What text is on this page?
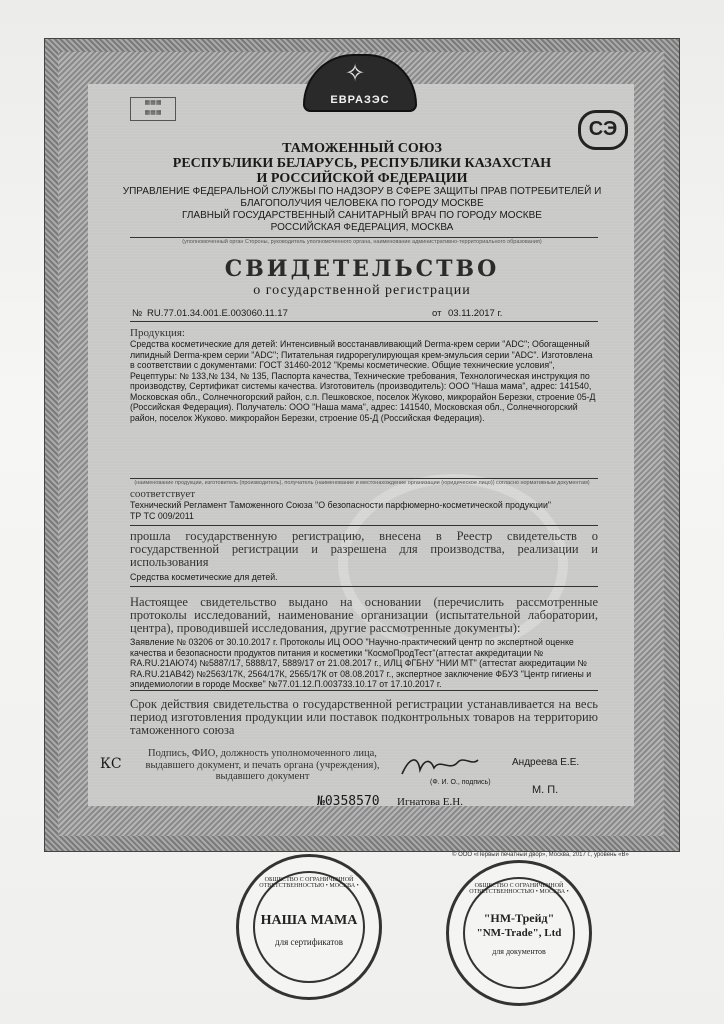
✧
ЕВРАЗЭС
▦▦▦
▦▦▦
СЭ

ТАМОЖЕННЫЙ СОЮЗ

РЕСПУБЛИКИ БЕЛАРУСЬ, РЕСПУБЛИКИ КАЗАХСТАН

И РОССИЙСКОЙ ФЕДЕРАЦИИ

УПРАВЛЕНИЕ ФЕДЕРАЛЬНОЙ СЛУЖБЫ ПО НАДЗОРУ В СФЕРЕ ЗАЩИТЫ ПРАВ ПОТРЕБИТЕЛЕЙ И

БЛАГОПОЛУЧИЯ ЧЕЛОВЕКА ПО ГОРОДУ МОСКВЕ

ГЛАВНЫЙ ГОСУДАРСТВЕННЫЙ САНИТАРНЫЙ ВРАЧ ПО ГОРОДУ МОСКВЕ

РОССИЙСКАЯ ФЕДЕРАЦИЯ, МОСКВА

(уполномоченный орган Стороны, руководитель уполномоченного органа, наименование административно-территориального образования)

СВИДЕТЕЛЬСТВО

о государственной регистрации

№ RU.77.01.34.001.E.003060.11.17	от 03.11.2017 г.

Продукция:

Средства косметические для детей: Интенсивный восстанавливающий Derma-крем серии "ADC"; Обогащенный липидный Derma-крем серии "ADC"; Питательная гидрорегулирующая крем-эмульсия серии "ADC". Изготовлена в соответствии с документами: ГОСТ 31460-2012 "Кремы косметические. Общие технические условия", Рецептуры: № 133,№ 134, № 135, Паспорта качества, Технические требования, Технологическая инструкция по производству, Сертификат системы качества. Изготовитель (производитель): ООО "Наша мама", адрес: 141540, Московская обл., Солнечногорский район, с.п. Пешковское, поселок Жуково, микрорайон Березки, строение 05-Д (Российская Федерация). Получатель: ООО "Наша мама", адрес: 141540, Московская обл., Солнечногорский район, поселок Жуково. микрорайон Березки, строение 05-Д (Российская Федерация).

(наименование продукции, изготовитель (производитель), получатель (наименование и местонахождение организации (юридическое лицо)) согласно нормативным документам)

соответствует

Технический Регламент Таможенного Союза "О безопасности парфюмерно-косметической продукции"

ТР ТС 009/2011

прошла государственную регистрацию, внесена в Реестр свидетельств о государственной регистрации и разрешена для производства, реализации и использования

Средства косметические для детей.

Настоящее свидетельство выдано на основании (перечислить рассмотренные протоколы исследований, наименование организации (испытательной лаборатории, центра), проводившей исследования, другие рассмотренные документы):

Заявление № 03206 от 30.10.2017 г. Протоколы ИЦ ООО "Научно-практический центр по экспертной оценке качества и безопасности продуктов питания и косметики "КосмоПродТест"(аттестат аккредитации № RA.RU.21АЮ74) №5887/17, 5888/17, 5889/17 от 21.08.2017 г., ИЛЦ ФГБНУ "НИИ МТ" (аттестат аккредитации № RA.RU.21АВ42) №2563/17К, 2564/17К, 2565/17К от 08.08.2017 г., экспертное заключение ФБУЗ "Центр гигиены и эпидемиологии в городе Москве" №77.01.12.П.003733.10.17 от 17.10.2017 г.

Срок действия свидетельства о государственной регистрации устанавливается на весь период изготовления продукции или поставок подконтрольных товаров на территорию таможенного союза

Подпись, ФИО, должность уполномоченного лица, выдавшего документ, и печать органа (учреждения), выдавшего документ

Андреева Е.Е.

(Ф. И. О., подпись)

М. П.

КС

№0358570 Игнатова Е.Н.

© ООО «Первый печатный двор», Москва, 2017 г., уровень «В»

НАША МАМА
для сертификатов
ОБЩЕСТВО С ОГРАНИЧЕННОЙ ОТВЕТСТВЕННОСТЬЮ • МОСКВА •
"НМ-Трейд"
"NM-Trade", Ltd
для документов
ОБЩЕСТВО С ОГРАНИЧЕННОЙ ОТВЕТСТВЕННОСТЬЮ • МОСКВА •
